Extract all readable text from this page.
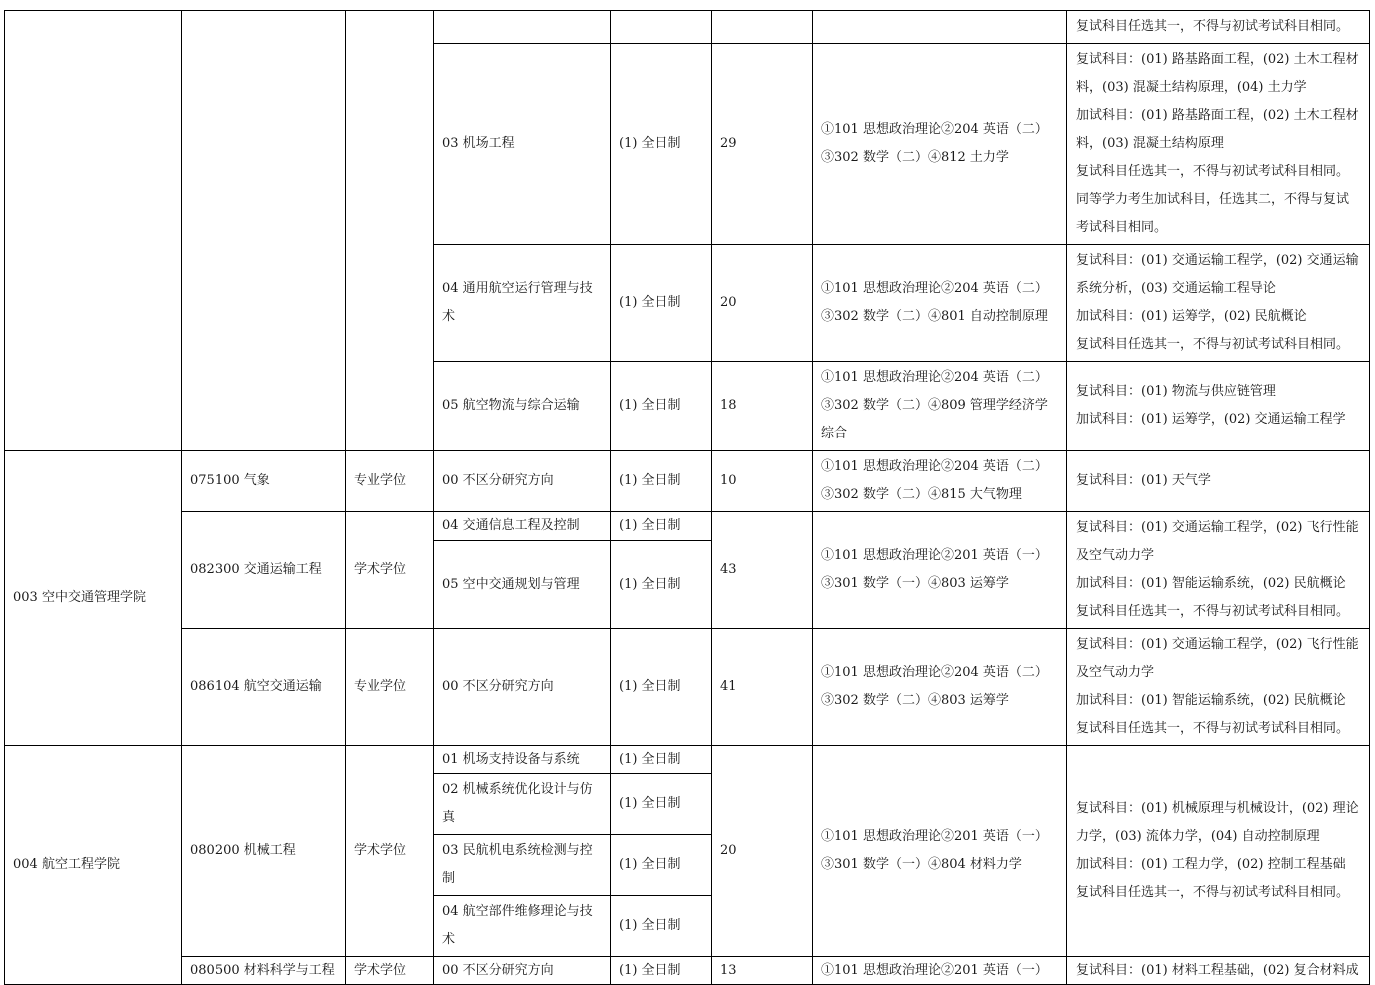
							复试科目任选其一，不得与初试考试科目相同。
			03 机场工程	(1) 全日制	29	①101 思想政治理论②204 英语（二）③302 数学（二）④812 土力学	复试科目：(01) 路基路面工程，(02) 土木工程材料，(03) 混凝土结构原理，(04) 土力学
加试科目：(01) 路基路面工程，(02) 土木工程材料，(03) 混凝土结构原理
复试科目任选其一，不得与初试考试科目相同。
同等学力考生加试科目，任选其二，不得与复试考试科目相同。
			04 通用航空运行管理与技术	(1) 全日制	20	①101 思想政治理论②204 英语（二）③302 数学（二）④801 自动控制原理	复试科目：(01) 交通运输工程学，(02) 交通运输系统分析，(03) 交通运输工程导论
加试科目：(01) 运筹学，(02) 民航概论
复试科目任选其一，不得与初试考试科目相同。
			05 航空物流与综合运输	(1) 全日制	18	①101 思想政治理论②204 英语（二）③302 数学（二）④809 管理学经济学综合	复试科目：(01) 物流与供应链管理
加试科目：(01) 运筹学，(02) 交通运输工程学
003 空中交通管理学院	075100 气象	专业学位	00 不区分研究方向	(1) 全日制	10	①101 思想政治理论②204 英语（二）③302 数学（二）④815 大气物理	复试科目：(01) 天气学
	082300 交通运输工程	学术学位	04 交通信息工程及控制	(1) 全日制	43	①101 思想政治理论②201 英语（一）③301 数学（一）④803 运筹学	复试科目：(01) 交通运输工程学，(02) 飞行性能及空气动力学
加试科目：(01) 智能运输系统，(02) 民航概论
复试科目任选其一，不得与初试考试科目相同。
			05 空中交通规划与管理	(1) 全日制			
	086104 航空交通运输	专业学位	00 不区分研究方向	(1) 全日制	41	①101 思想政治理论②204 英语（二）③302 数学（二）④803 运筹学	复试科目：(01) 交通运输工程学，(02) 飞行性能及空气动力学
加试科目：(01) 智能运输系统，(02) 民航概论
复试科目任选其一，不得与初试考试科目相同。
004 航空工程学院	080200 机械工程	学术学位	01 机场支持设备与系统	(1) 全日制	20	①101 思想政治理论②201 英语（一）③301 数学（一）④804 材料力学	复试科目：(01) 机械原理与机械设计，(02) 理论力学，(03) 流体力学，(04) 自动控制原理
加试科目：(01) 工程力学，(02) 控制工程基础
复试科目任选其一，不得与初试考试科目相同。
			02 机械系统优化设计与仿真	(1) 全日制			
			03 民航机电系统检测与控制	(1) 全日制			
			04 航空部件维修理论与技术	(1) 全日制			
	080500 材料科学与工程	学术学位	00 不区分研究方向	(1) 全日制	13	①101 思想政治理论②201 英语（一）	复试科目：(01) 材料工程基础，(02) 复合材料成
